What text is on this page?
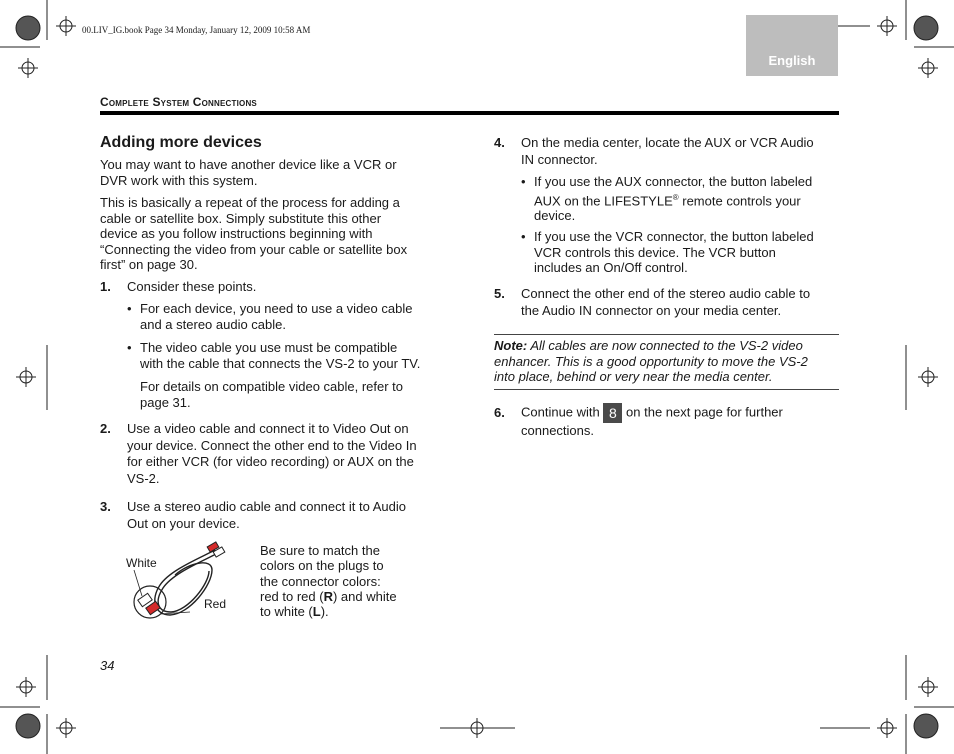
00.LIV_IG.book Page 34 Monday, January 12, 2009 10:58 AM
English
Complete System Connections
Adding more devices
You may want to have another device like a VCR or
DVR work with this system.
This is basically a repeat of the process for adding a
cable or satellite box. Simply substitute this other
device as you follow instructions beginning with
“Connecting the video from your cable or satellite box
first” on page 30.
1. Consider these points.
• For each device, you need to use a video cable
and a stereo audio cable.
• The video cable you use must be compatible
with the cable that connects the VS-2 to your TV.
For details on compatible video cable, refer to
page 31.
2. Use a video cable and connect it to Video Out on
your device. Connect the other end to the Video In
for either VCR (for video recording) or AUX on the
VS-2.
3. Use a stereo audio cable and connect it to Audio
Out on your device.
White
Red
Be sure to match the
colors on the plugs to
the connector colors:
red to red (R) and white
to white (L).
34
4. On the media center, locate the AUX or VCR Audio
IN connector.
• If you use the AUX connector, the button labeled
AUX on the LIFESTYLE® remote controls your
device.
• If you use the VCR connector, the button labeled
VCR controls this device. The VCR button
includes an On/Off control.
5. Connect the other end of the stereo audio cable to
the Audio IN connector on your media center.
Note: All cables are now connected to the VS-2 video
enhancer. This is a good opportunity to move the VS-2
into place, behind or very near the media center.
6. Continue with 8 on the next page for further
connections.
